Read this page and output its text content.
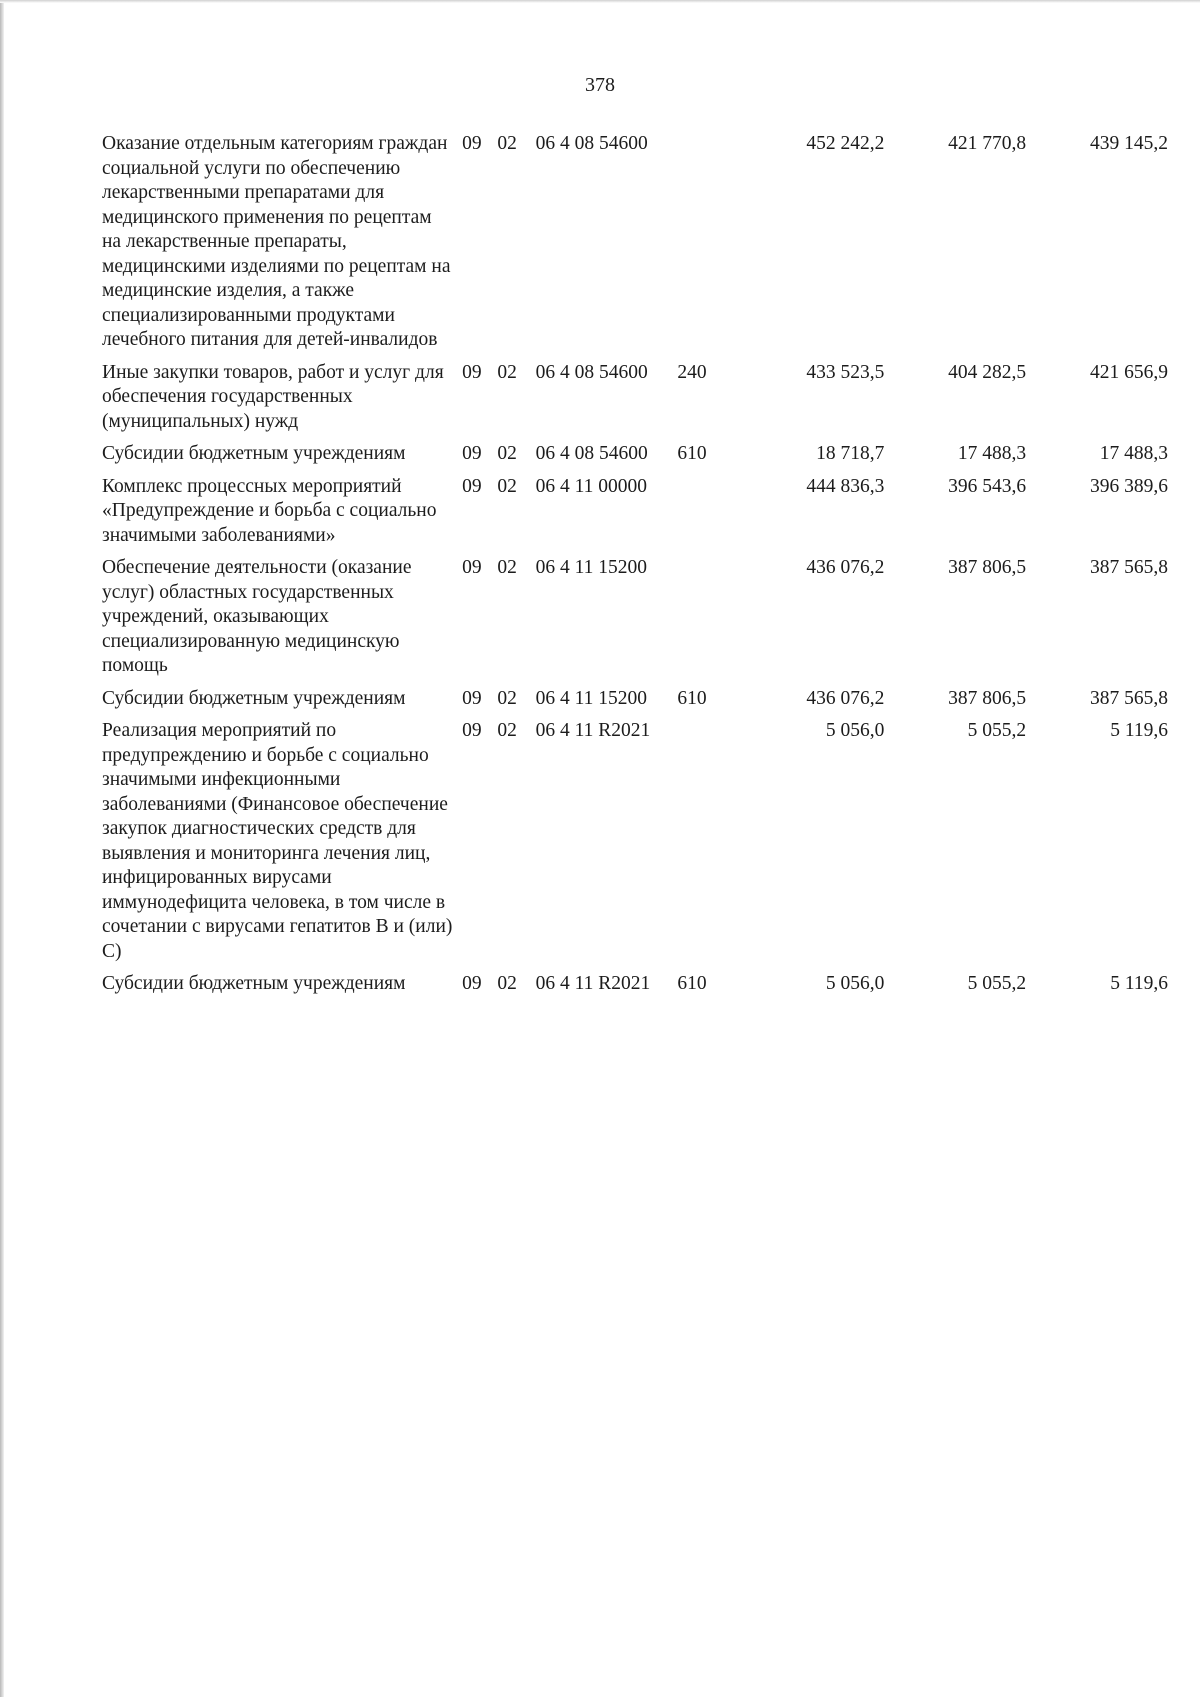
378
Оказание отдельным категориям граждан социальной услуги по обеспечению лекарственными препаратами для медицинского применения по рецептам на лекарственные препараты, медицинскими изделиями по рецептам на медицинские изделия, а также специализированными продуктами лечебного питания для детей-инвалидов	09	02	06 4 08 54600		452 242,2	421 770,8	439 145,2
Иные закупки товаров, работ и услуг для обеспечения государственных (муниципальных) нужд	09	02	06 4 08 54600	240	433 523,5	404 282,5	421 656,9
Субсидии бюджетным учреждениям	09	02	06 4 08 54600	610	18 718,7	17 488,3	17 488,3
Комплекс процессных мероприятий «Предупреждение и борьба с социально значимыми заболеваниями»	09	02	06 4 11 00000		444 836,3	396 543,6	396 389,6
Обеспечение деятельности (оказание услуг) областных государственных учреждений, оказывающих специализированную медицинскую помощь	09	02	06 4 11 15200		436 076,2	387 806,5	387 565,8
Субсидии бюджетным учреждениям	09	02	06 4 11 15200	610	436 076,2	387 806,5	387 565,8
Реализация мероприятий по предупреждению и борьбе с социально значимыми инфекционными заболеваниями (Финансовое обеспечение закупок диагностических средств для выявления и мониторинга лечения лиц, инфицированных вирусами иммунодефицита человека, в том числе в сочетании с вирусами гепатитов B и (или) C)	09	02	06 4 11 R2021		5 056,0	5 055,2	5 119,6
Субсидии бюджетным учреждениям	09	02	06 4 11 R2021	610	5 056,0	5 055,2	5 119,6
